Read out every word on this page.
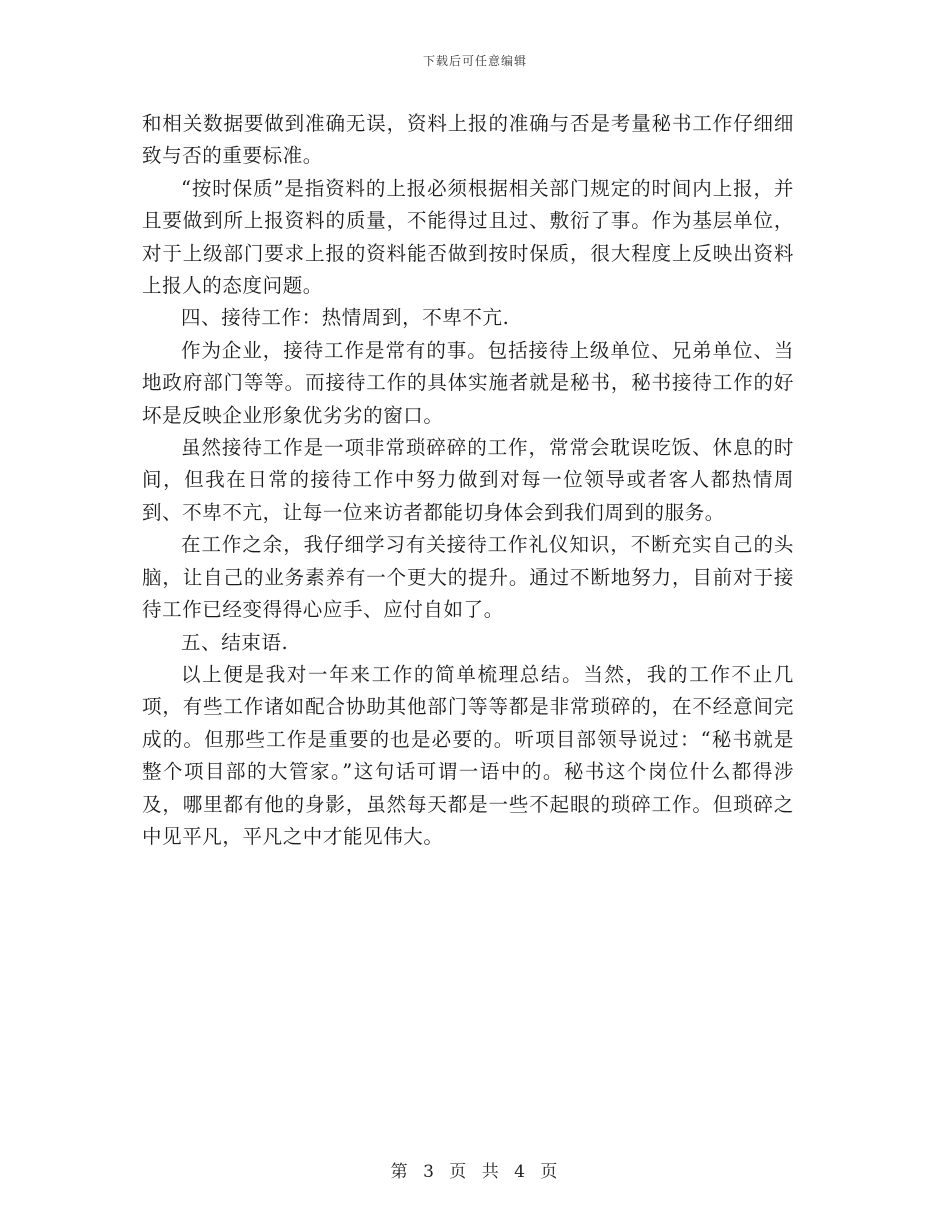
下载后可任意编辑

和相关数据要做到准确无误，资料上报的准确与否是考量秘书工作仔细细致与否的重要标准。

“按时保质”是指资料的上报必须根据相关部门规定的时间内上报，并且要做到所上报资料的质量，不能得过且过、敷衍了事。作为基层单位，对于上级部门要求上报的资料能否做到按时保质，很大程度上反映出资料上报人的态度问题。

四、接待工作：热情周到，不卑不亢.

作为企业，接待工作是常有的事。包括接待上级单位、兄弟单位、当地政府部门等等。而接待工作的具体实施者就是秘书，秘书接待工作的好坏是反映企业形象优劣劣的窗口。

虽然接待工作是一项非常琐碎碎的工作，常常会耽误吃饭、休息的时间，但我在日常的接待工作中努力做到对每一位领导或者客人都热情周到、不卑不亢，让每一位来访者都能切身体会到我们周到的服务。

在工作之余，我仔细学习有关接待工作礼仪知识，不断充实自己的头脑，让自己的业务素养有一个更大的提升。通过不断地努力，目前对于接待工作已经变得得心应手、应付自如了。

五、结束语.

以上便是我对一年来工作的简单梳理总结。当然，我的工作不止几项，有些工作诸如配合协助其他部门等等都是非常琐碎的，在不经意间完成的。但那些工作是重要的也是必要的。听项目部领导说过：“秘书就是整个项目部的大管家。”这句话可谓一语中的。秘书这个岗位什么都得涉及，哪里都有他的身影，虽然每天都是一些不起眼的琐碎工作。但琐碎之中见平凡，平凡之中才能见伟大。

第 3 页 共 4 页
